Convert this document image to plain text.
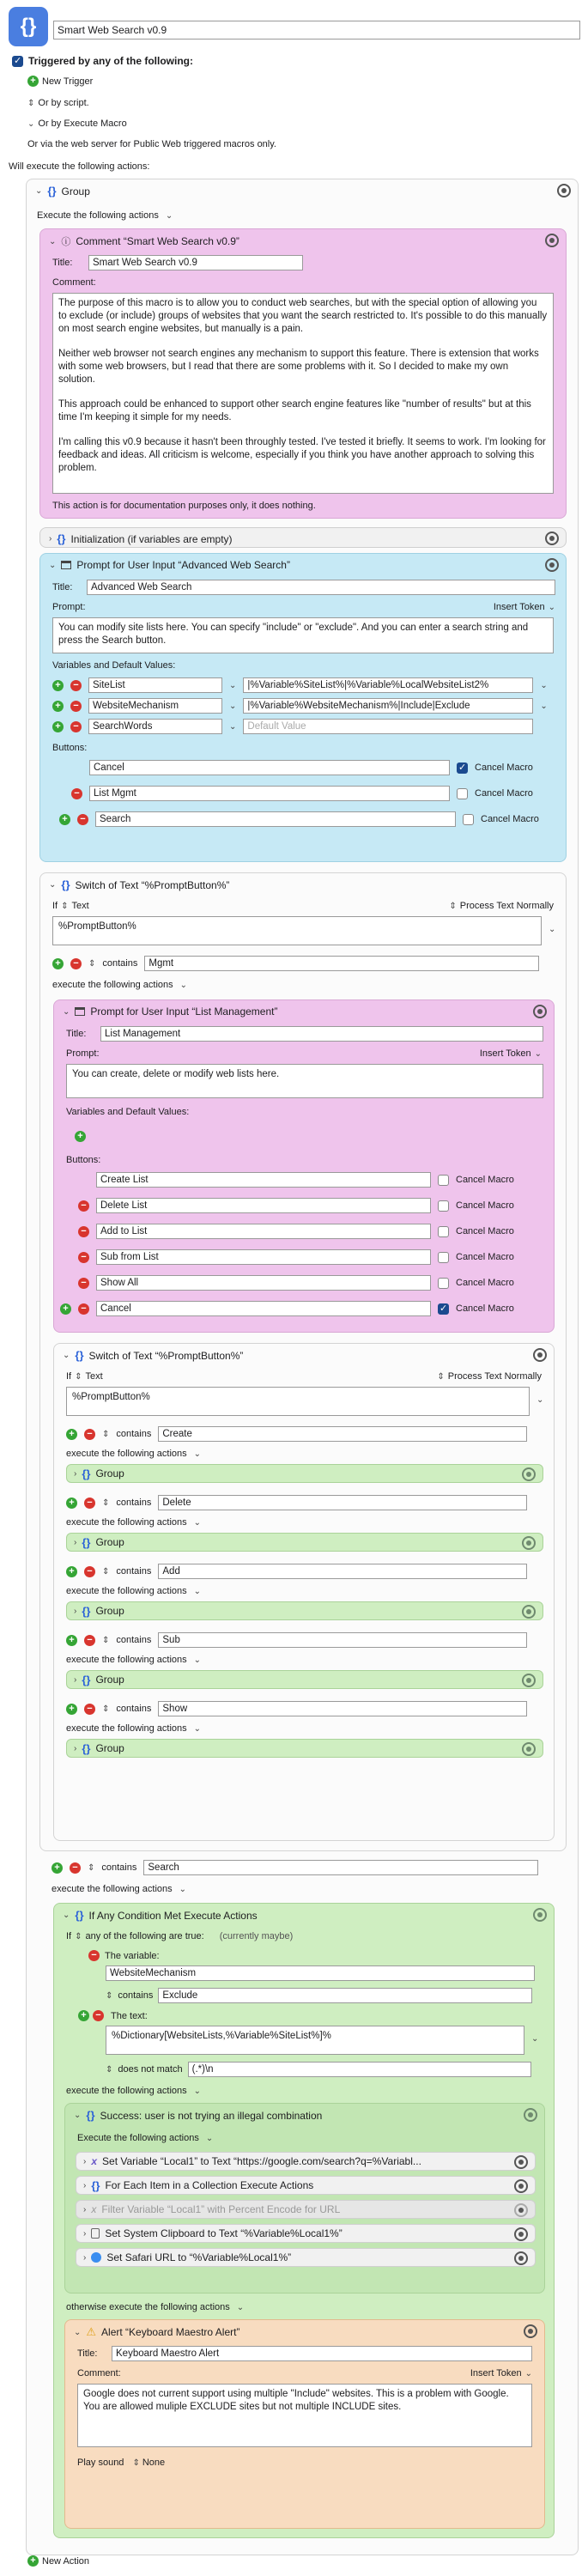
{}	Smart Web Search v0.9
✓
Triggered by any of the following:
+ New Trigger
⇕ Or by script.
⌄ Or by Execute Macro
Or via the web server for Public Web triggered macros only.
Will execute the following actions:
⌄ {} Group
Execute the following actions ⌄
⌄ ⓘ Comment “Smart Web Search v0.9”
Title:	Smart Web Search v0.9
Comment:

The purpose of this macro is to allow you to conduct web searches, but with the special option of allowing you to exclude (or include) groups of websites that you want the search restricted to. It's possible to do this manually on most search engine websites, but manually is a pain.

Neither web browser not search engines any mechanism to support this feature. There is extension that works with some web browsers, but I read that there are some problems with it. So I decided to make my own solution.

This approach could be enhanced to support other search engine features like "number of results" but at this time I'm keeping it simple for my needs.

I'm calling this v0.9 because it hasn't been throughly tested. I've tested it briefly. It seems to work. I'm looking for feedback and ideas. All criticism is welcome, especially if you think you have another approach to solving this problem.

This action is for documentation purposes only, it does nothing.
› {} Initialization (if variables are empty)
⌄ Prompt for User Input “Advanced Web Search”
Title:	Advanced Web Search
Prompt:	Insert Token ⌄
You can modify site lists here. You can specify "include" or "exclude". And you can enter a search string and press the Search button.
Variables and Default Values:
+ −	SiteList	⌄	|%Variable%SiteList%|%Variable%LocalWebsiteList2%	⌄
+ −	WebsiteMechanism	⌄	|%Variable%WebsiteMechanism%|Include|Exclude	⌄
+ −	SearchWords	⌄	Default Value
Buttons:
Cancel ✓	Cancel Macro
−	List Mgmt	Cancel Macro
+ −	Search	Cancel Macro
⌄ {} Switch of Text “%PromptButton%”
If ⇕ Text	⇕ Process Text Normally
%PromptButton%	⌄
+ −	⇕ contains	Mgmt
execute the following actions ⌄
⌄ Prompt for User Input “List Management”
Title:	List Management
Prompt:	Insert Token ⌄
You can create, delete or modify web lists here.
Variables and Default Values:
+
Buttons:
Create List	Cancel Macro
−	Delete List	Cancel Macro
−	Add to List	Cancel Macro
−	Sub from List	Cancel Macro
−	Show All	Cancel Macro
+ −	Cancel ✓	Cancel Macro
⌄ {} Switch of Text “%PromptButton%”
If ⇕ Text	⇕ Process Text Normally
%PromptButton%	⌄
+ −	⇕ contains	Create
execute the following actions ⌄
› {} Group
+ −	⇕ contains	Delete
execute the following actions ⌄
› {} Group
+ −	⇕ contains	Add
execute the following actions ⌄
› {} Group
+ −	⇕ contains	Sub
execute the following actions ⌄
› {} Group
+ −	⇕ contains	Show
execute the following actions ⌄
› {} Group
+ −	⇕ contains	Search
execute the following actions ⌄
⌄ {} If Any Condition Met Execute Actions
If ⇕ any of the following are true: (currently maybe)
− The variable:
WebsiteMechanism
⇕ contains Exclude
+ − The text:
%Dictionary[WebsiteLists,%Variable%SiteList%]%	⌄
⇕ does not match (.*)\n
execute the following actions ⌄
⌄ {} Success: user is not trying an illegal combination
Execute the following actions ⌄
› x Set Variable “Local1” to Text “https://google.com/search?q=%Variabl...
› {} For Each Item in a Collection Execute Actions
› x Filter Variable “Local1” with Percent Encode for URL
› Set System Clipboard to Text “%Variable%Local1%”
› Set Safari URL to “%Variable%Local1%”
otherwise execute the following actions ⌄
⌄ ⚠ Alert “Keyboard Maestro Alert”
Title:	Keyboard Maestro Alert
Comment:	Insert Token ⌄
Google does not current support using multiple "Include" websites. This is a problem with Google. You are allowed muliple EXCLUDE sites but not multiple INCLUDE sites.
Play sound ⇕ None
+ New Action
